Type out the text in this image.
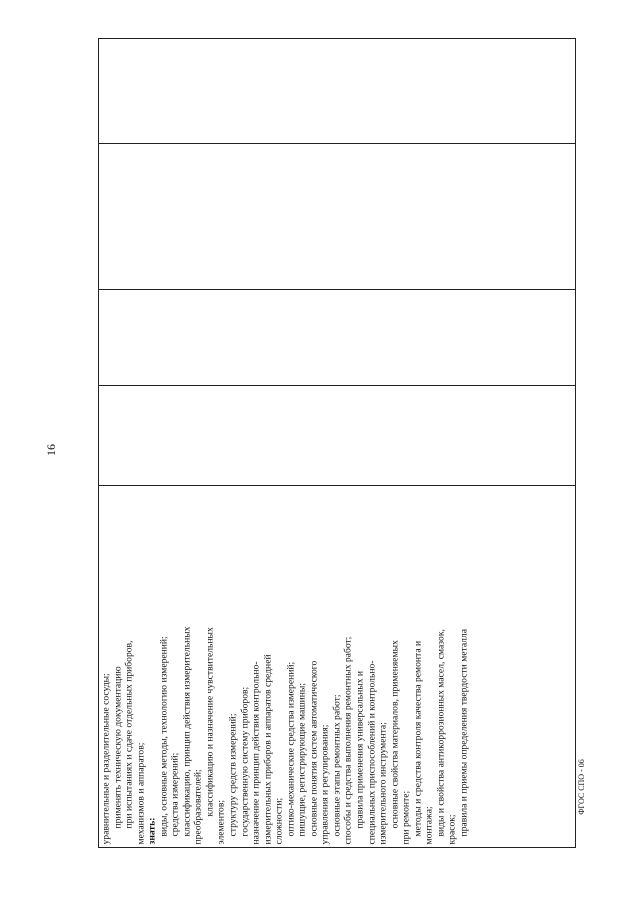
16
уравнительные и разделительные сосуды; применять техническую документацию при испытаниях и сдаче отдельных приборов, механизмов и аппаратов; знать: виды, основные методы, технологию измерений; средства измерений; классификацию, принцип действия измерительных преобразователей; классификацию и назначение чувствительных
элементов; структуру средств измерений; государственную систему приборов; назначение и принцип действия контрольно- измерительных приборов и аппаратов средней сложности; оптико-механические средства измерений; пишущие, регистрирующие машины; основные понятия систем автоматического управления и регулирования; основные этапы ремонтных работ; способы и средства выполнения ремонтных работ; правила применения универсальных и специальных приспособлений и контрольно- измерительного инструмента; основные свойства материалов, применяемых при ремонте; методы и средства контроля качества ремонта и монтажа; виды и свойства антикоррозионных масел, смазок, красок; правила и приемы определения твердости металла	ФГОС СПО - 06
